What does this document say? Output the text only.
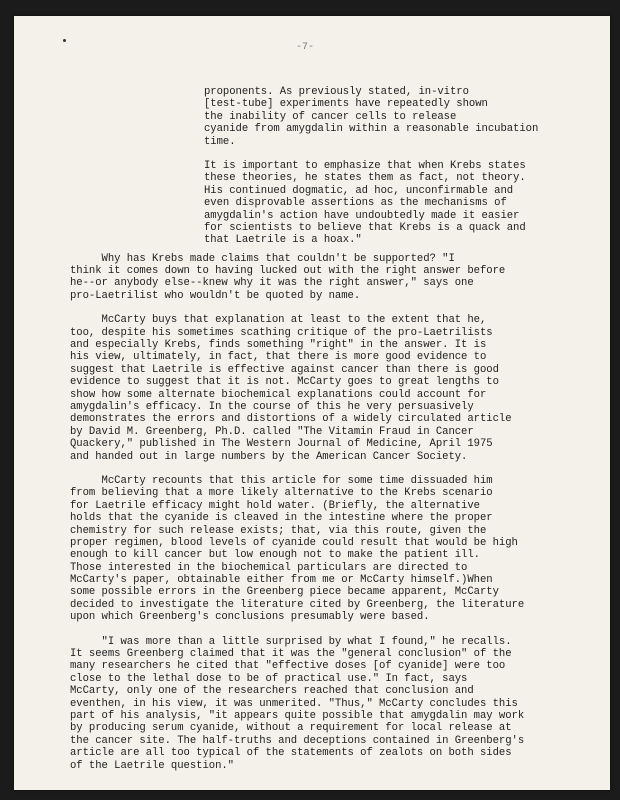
-7-
proponents. As previously stated, in-vitro
[test-tube] experiments have repeatedly shown
the inability of cancer cells to release
cyanide from amygdalin within a reasonable incubation
time.
It is important to emphasize that when Krebs states
these theories, he states them as fact, not theory.
His continued dogmatic, ad hoc, unconfirmable and
even disprovable assertions as the mechanisms of
amygdalin's action have undoubtedly made it easier
for scientists to believe that Krebs is a quack and
that Laetrile is a hoax."
Why has Krebs made claims that couldn't be supported? "I
think it comes down to having lucked out with the right answer before
he--or anybody else--knew why it was the right answer," says one
pro-Laetrilist who wouldn't be quoted by name.
McCarty buys that explanation at least to the extent that he,
too, despite his sometimes scathing critique of the pro-Laetrilists
and especially Krebs, finds something "right" in the answer. It is
his view, ultimately, in fact, that there is more good evidence to
suggest that Laetrile is effective against cancer than there is good
evidence to suggest that it is not. McCarty goes to great lengths to
show how some alternate biochemical explanations could account for
amygdalin's efficacy. In the course of this he very persuasively
demonstrates the errors and distortions of a widely circulated article
by David M. Greenberg, Ph.D. called "The Vitamin Fraud in Cancer
Quackery," published in The Western Journal of Medicine, April 1975
and handed out in large numbers by the American Cancer Society.
McCarty recounts that this article for some time dissuaded him
from believing that a more likely alternative to the Krebs scenario
for Laetrile efficacy might hold water. (Briefly, the alternative
holds that the cyanide is cleaved in the intestine where the proper
chemistry for such release exists; that, via this route, given the
proper regimen, blood levels of cyanide could result that would be high
enough to kill cancer but low enough not to make the patient ill.
Those interested in the biochemical particulars are directed to
McCarty's paper, obtainable either from me or McCarty himself.)When
some possible errors in the Greenberg piece became apparent, McCarty
decided to investigate the literature cited by Greenberg, the literature
upon which Greenberg's conclusions presumably were based.
"I was more than a little surprised by what I found," he recalls.
It seems Greenberg claimed that it was the "general conclusion" of the
many researchers he cited that "effective doses [of cyanide] were too
close to the lethal dose to be of practical use." In fact, says
McCarty, only one of the researchers reached that conclusion and
eventhen, in his view, it was unmerited. "Thus," McCarty concludes this
part of his analysis, "it appears quite possible that amygdalin may work
by producing serum cyanide, without a requirement for local release at
the cancer site. The half-truths and deceptions contained in Greenberg's
article are all too typical of the statements of zealots on both sides
of the Laetrile question."
